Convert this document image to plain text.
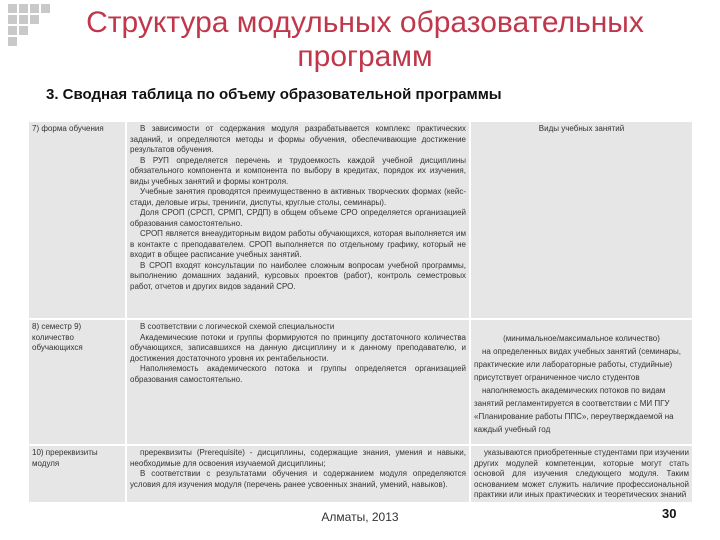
Структура модульных образовательных
программ
3. Сводная таблица по объему образовательной программы

7) форма обучения	В зависимости от содержания модуля разрабатывается комплекс практических заданий, и определяются методы и формы обучения, обеспечивающие достижение результатов обучения.

В РУП определяется перечень и трудоемкость каждой учебной дисциплины обязательного компонента и компонента по выбору в кредитах, порядок их изучения, виды учебных занятий и формы контроля.

Учебные занятия проводятся преимущественно в активных творческих формах (кейс-стади, деловые игры, тренинги, диспуты, круглые столы, семинары).

Доля СРОП (СРСП, СРМП, СРДП) в общем объеме СРО определяется организацией образования самостоятельно.

СРОП является внеаудиторным видом работы обучающихся, которая выполняется им в контакте с преподавателем. СРОП выполняется по отдельному графику, который не входит в общее расписание учебных занятий.

В СРОП входят консультации по наиболее сложным вопросам учебной программы, выполнению домашних заданий, курсовых проектов (работ), контроль семестровых работ, отчетов и других видов заданий СРО.

Виды учебных занятий

8) семестр 9) количество обучающихся

В соответствии с логической схемой специальности

Академические потоки и группы формируются по принципу достаточного количества обучающихся, записавшихся на данную дисциплину и к данному преподавателю, и достижения достаточного уровня их рентабельности.

Наполняемость академического потока и группы определяется организацией образования самостоятельно.

(минимальное/максимальное количество)

на определенных видах учебных занятий (семинары, практические или лабораторные работы, студийные) присутствует ограниченное число студентов

наполняемость академических потоков по видам занятий регламентируется в соответствии с МИ ПГУ «Планирование работы ППС», переутверждаемой на каждый учебный год

10) пререквизиты модуля

пререквизиты (Prerequisite) - дисциплины, содержащие знания, умения и навыки, необходимые для освоения изучаемой дисциплины;

В соответствии с результатами обучения и содержанием модуля определяются условия для изучения модуля (перечень ранее усвоенных знаний, умений, навыков).

указываются приобретенные студентами при изучении других модулей компетенции, которые могут стать основой для изучения следующего модуля. Таким основанием может служить наличие профессиональной практики или иных практических и теоретических знаний

Алматы, 2013	30
